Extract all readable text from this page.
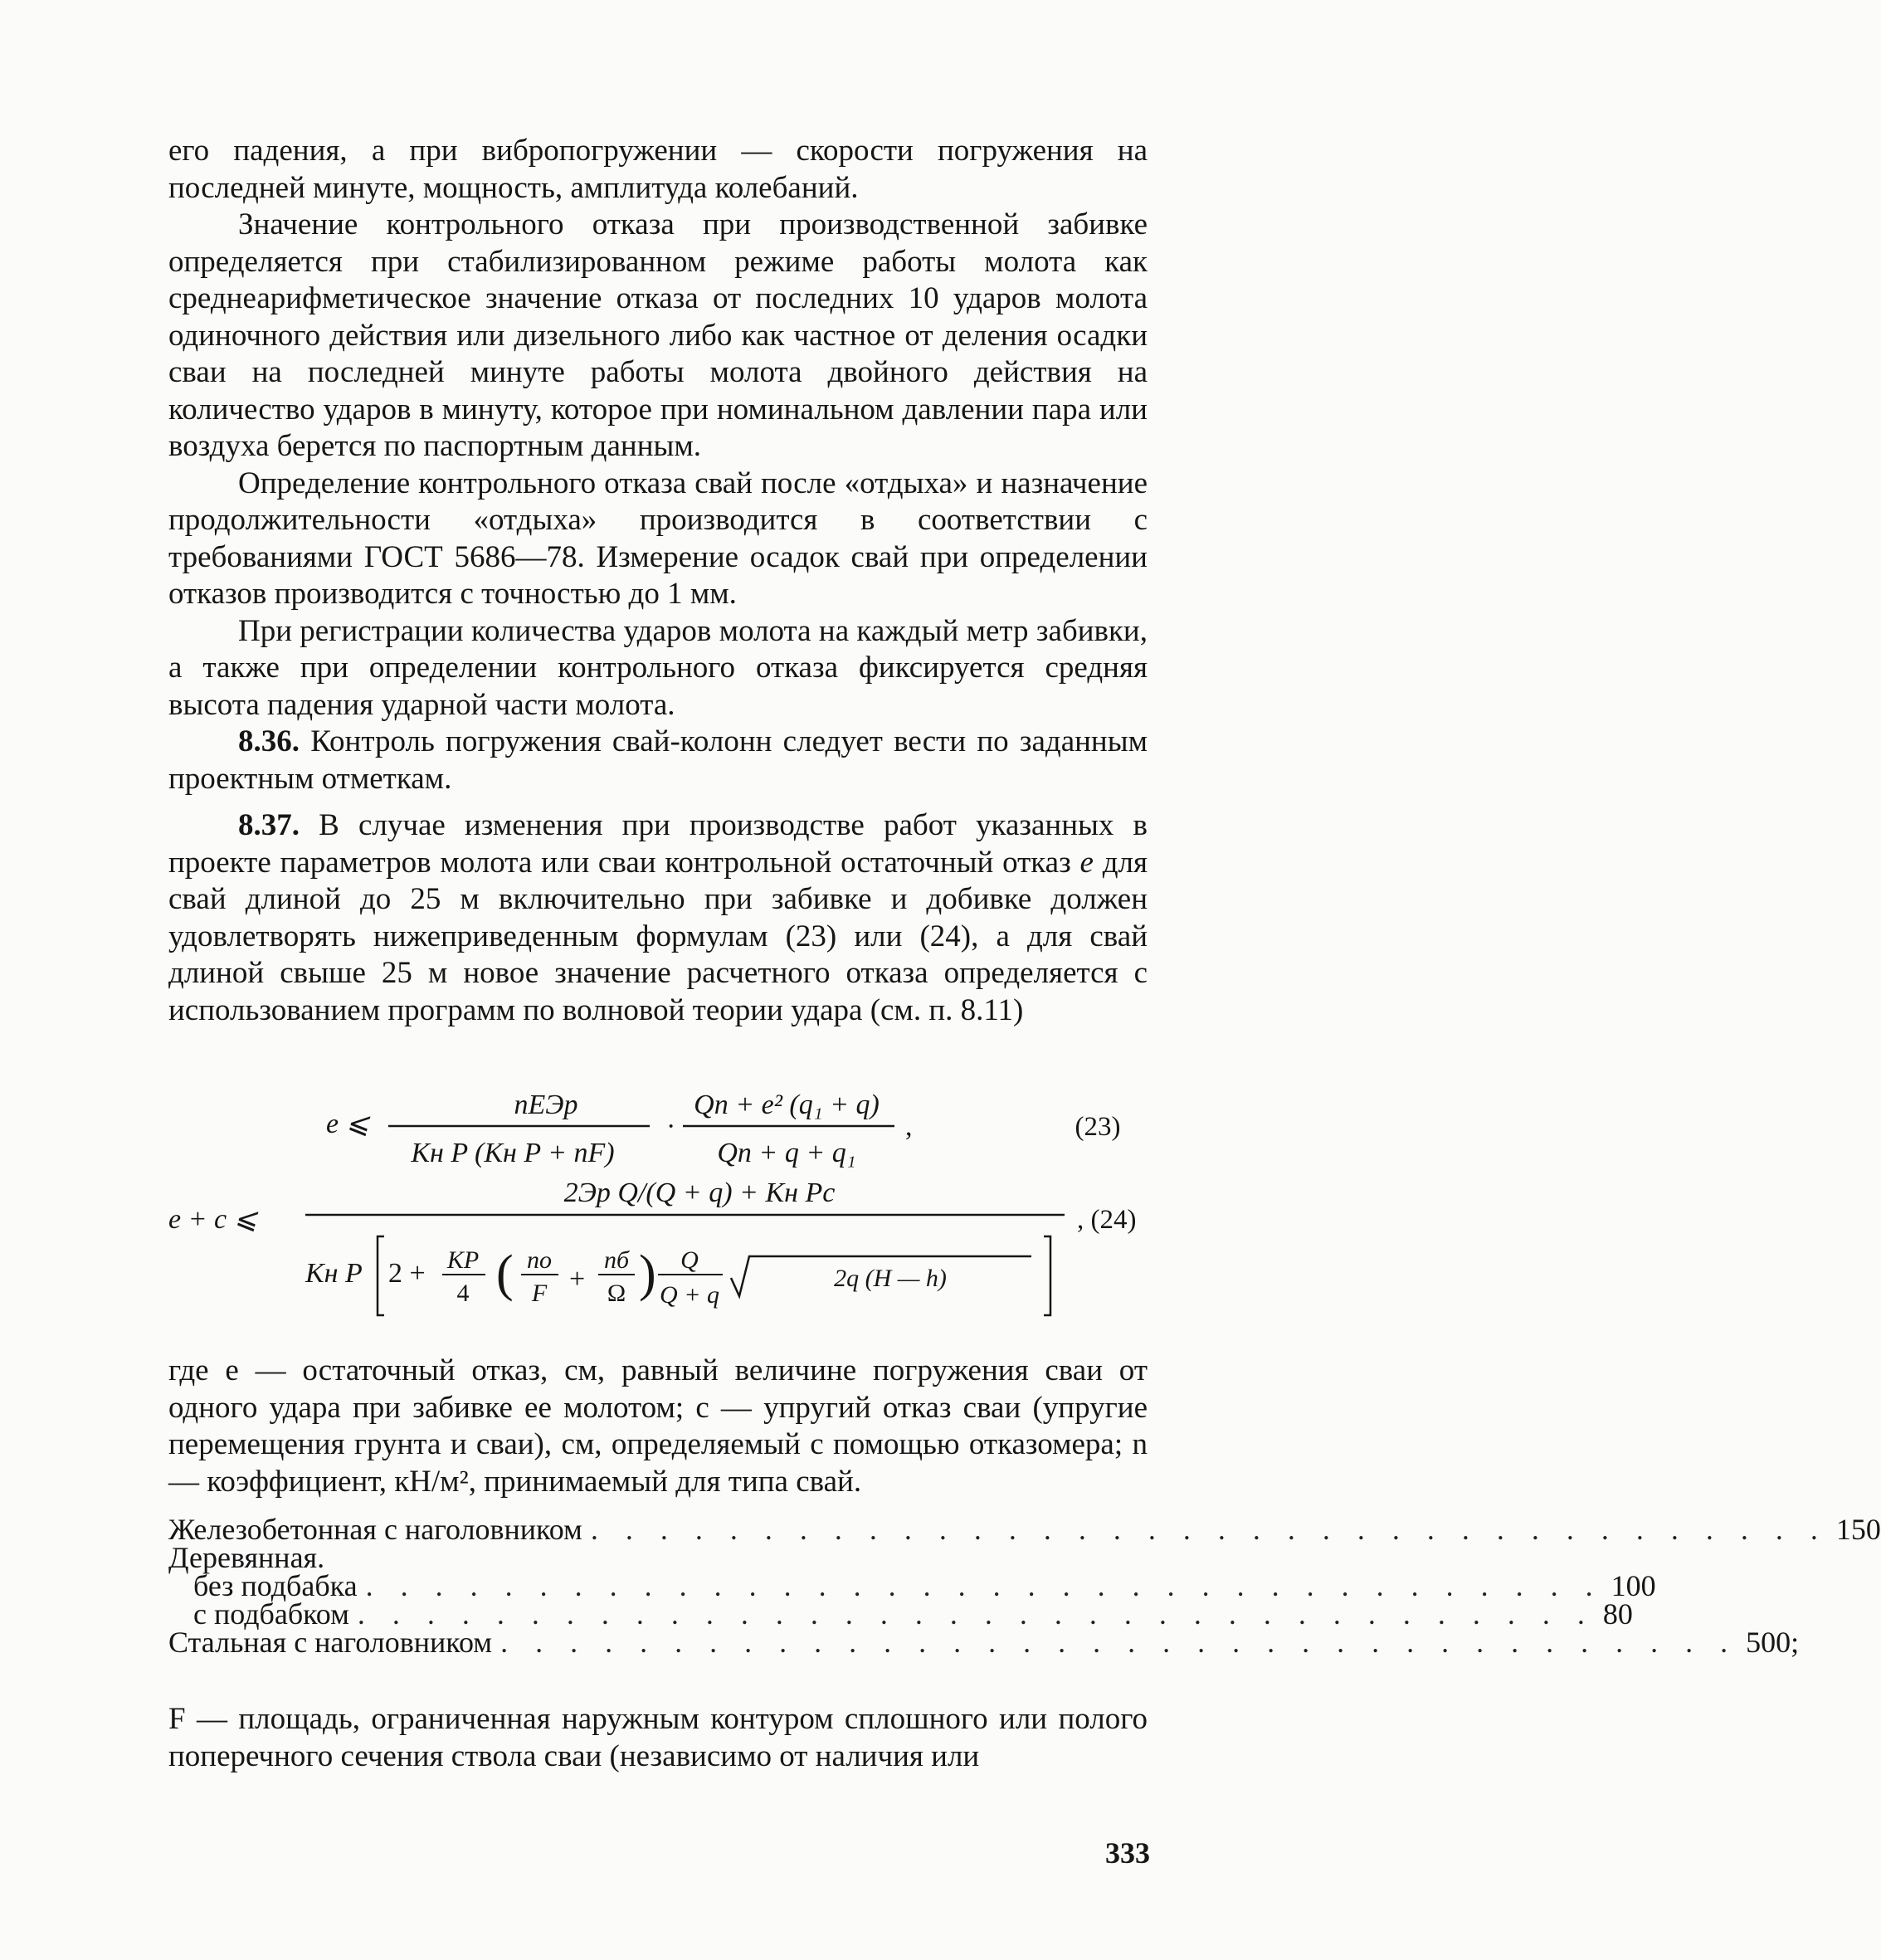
его падения, а при вибропогружении — скорости погружения на последней минуте, мощность, амплитуда колебаний.

Значение контрольного отказа при производственной забивке определяется при стабилизированном режиме работы молота как среднеарифметическое значение отказа от последних 10 ударов молота одиночного действия или дизельного либо как частное от деления осадки сваи на последней минуте работы молота двойного действия на количество ударов в минуту, которое при номинальном давлении пара или воздуха берется по паспортным данным.

Определение контрольного отказа свай после «отдыха» и назначение продолжительности «отдыха» производится в соответствии с требованиями ГОСТ 5686—78. Измерение осадок свай при определении отказов производится с точностью до 1 мм.

При регистрации количества ударов молота на каждый метр забивки, а также при определении контрольного отказа фиксируется средняя высота падения ударной части молота.

8.36. Контроль погружения свай-колонн следует вести по заданным проектным отметкам.

8.37. В случае изменения при производстве работ указанных в проекте параметров молота или сваи контрольной остаточный отказ e для свай длиной до 25 м включительно при забивке и добивке должен удовлетворять нижеприведенным формулам (23) или (24), а для свай длиной свыше 25 м новое значение расчетного отказа определяется с использованием программ по волновой теории удара (см. п. 8.11)

e ⩽
nEЭр
Kн P (Kн P + nF)
·
Qп + e² (q₁ + q)
Qп + q + q₁
,	(23)
e + c ⩽
2Эр Q/(Q + q) + Kн Pc
, (24)
Kн P 2 + KP
4 ( nо
F +
nб
Ω ) Q
Q + q
2q (H — h)

где e — остаточный отказ, см, равный величине погружения сваи от одного удара при забивке ее молотом; c — упругий отказ сваи (упругие перемещения грунта и сваи), см, определяемый с помощью отказомера; n — коэффициент, кН/м², принимаемый для типа свай.

Железобетонная с наголовником . . . . . . . . . . . . . . . . . . . . . . . . . . . . . . . . . . . . 150
Деревянная.
без подбабка . . . . . . . . . . . . . . . . . . . . . . . . . . . . . . . . . . . . 100
с подбабком . . . . . . . . . . . . . . . . . . . . . . . . . . . . . . . . . . . . 80
Стальная с наголовником . . . . . . . . . . . . . . . . . . . . . . . . . . . . . . . . . . . . 500;

F — площадь, ограниченная наружным контуром сплошного или полого поперечного сечения ствола сваи (независимо от наличия или

333
